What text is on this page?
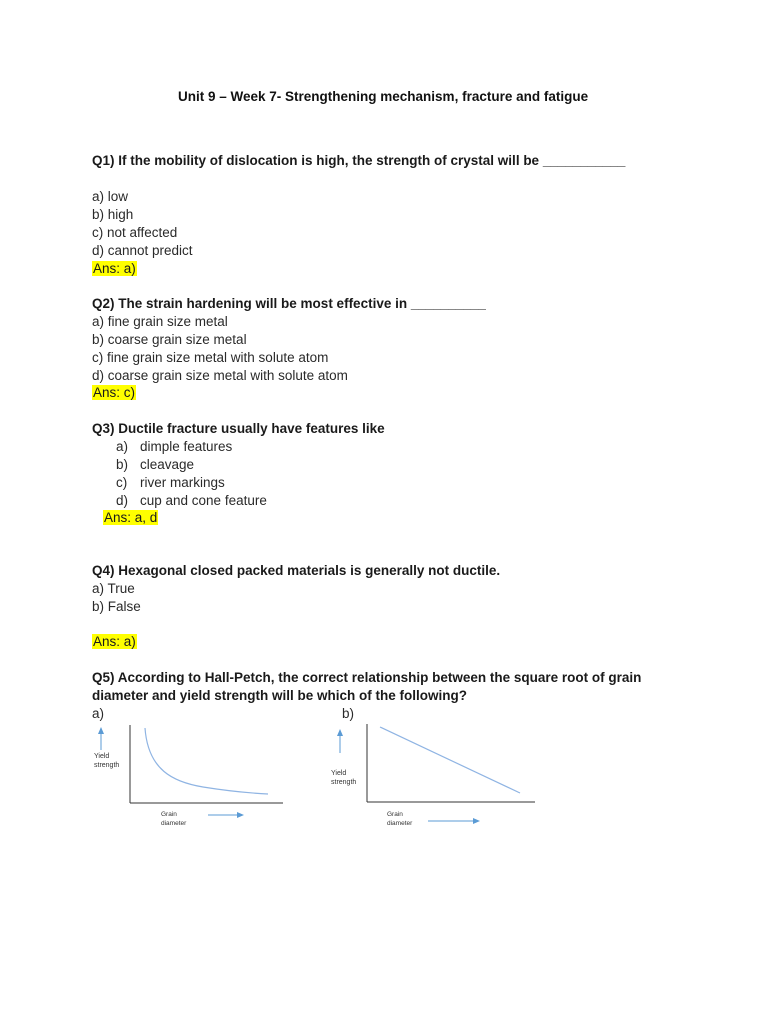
Unit 9 – Week 7- Strengthening mechanism, fracture and fatigue
Q1) If the mobility of dislocation is high, the strength of crystal will be ___________
a) low
b) high
c) not affected
d) cannot predict
Ans: a)
Q2) The strain hardening will be most effective in __________
a) fine grain size metal
b) coarse grain size metal
c) fine grain size metal with solute atom
d) coarse grain size metal with solute atom
Ans: c)
Q3) Ductile fracture usually have features like
a) dimple features
b) cleavage
c) river markings
d) cup and cone feature
Ans: a, d
Q4) Hexagonal closed packed materials is generally not ductile.
a) True
b) False
Ans: a)
Q5) According to Hall-Petch, the correct relationship between the square root of grain
diameter and yield strength will be which of the following?
a)	b)
Yield
strength
Grain
diameter
Yield
strength
Grain
diameter
